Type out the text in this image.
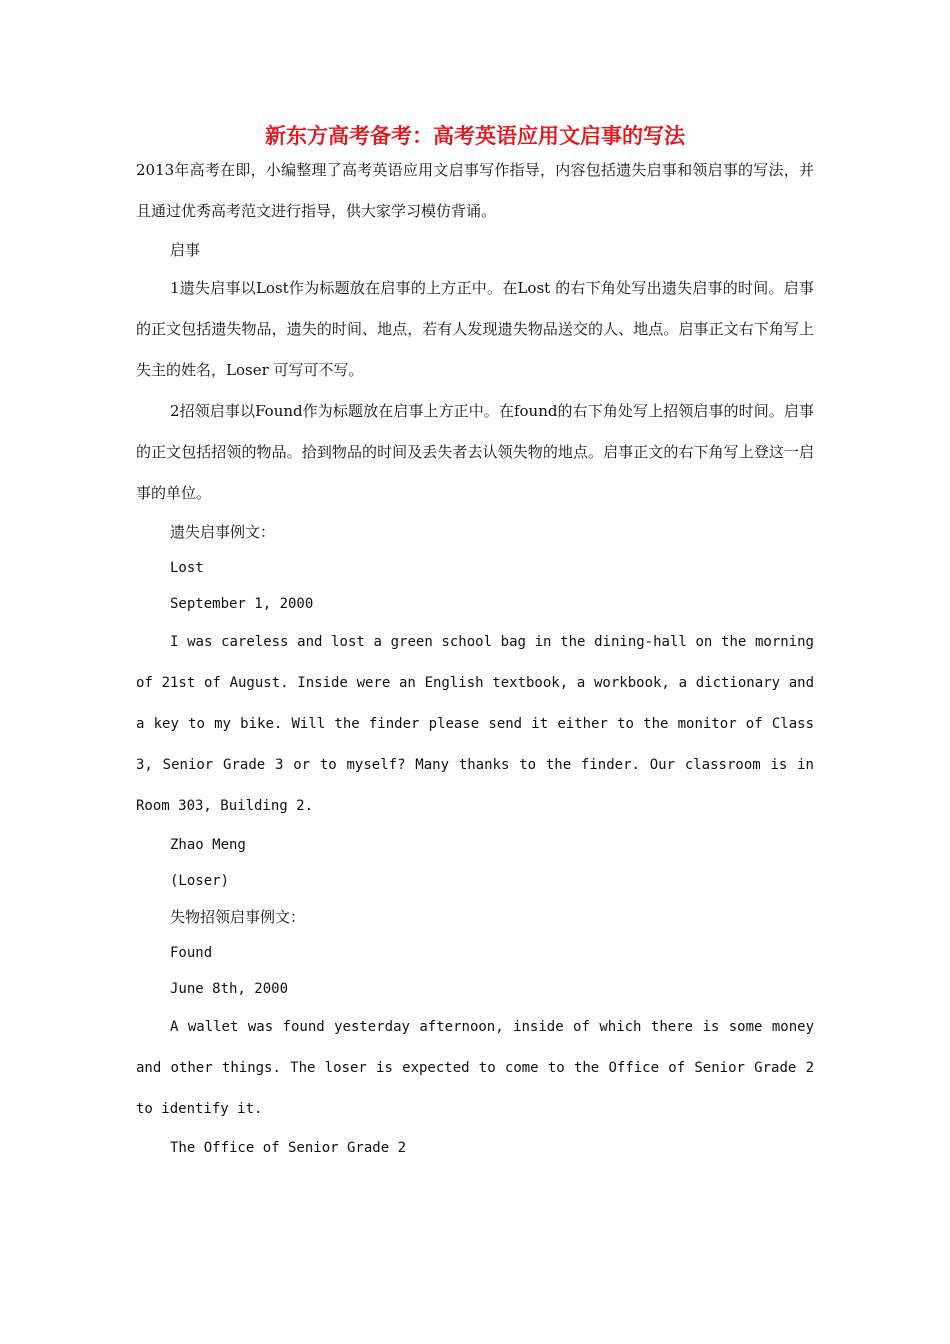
新东方高考备考：高考英语应用文启事的写法

2013年高考在即，小编整理了高考英语应用文启事写作指导，内容包括遗失启事和领启事的写法，并且通过优秀高考范文进行指导，供大家学习模仿背诵。

启事

1遗失启事以Lost作为标题放在启事的上方正中。在Lost 的右下角处写出遗失启事的时间。启事的正文包括遗失物品，遗失的时间、地点，若有人发现遗失物品送交的人、地点。启事正文右下角写上失主的姓名，Loser 可写可不写。

2招领启事以Found作为标题放在启事上方正中。在found的右下角处写上招领启事的时间。启事的正文包括招领的物品。拾到物品的时间及丢失者去认领失物的地点。启事正文的右下角写上登这一启事的单位。

遗失启事例文：

Lost

September 1, 2000

I was careless and lost a green school bag in the dining-hall on the morning of 21st of August. Inside were an English textbook, a workbook, a dictionary and a key to my bike. Will the finder please send it either to the monitor of Class 3, Senior Grade 3 or to myself? Many thanks to the finder. Our classroom is in Room 303, Building 2.

Zhao Meng

(Loser)

失物招领启事例文：

Found

June 8th, 2000

A wallet was found yesterday afternoon, inside of which there is some money and other things. The loser is expected to come to the Office of Senior Grade 2 to identify it.

The Office of Senior Grade 2
